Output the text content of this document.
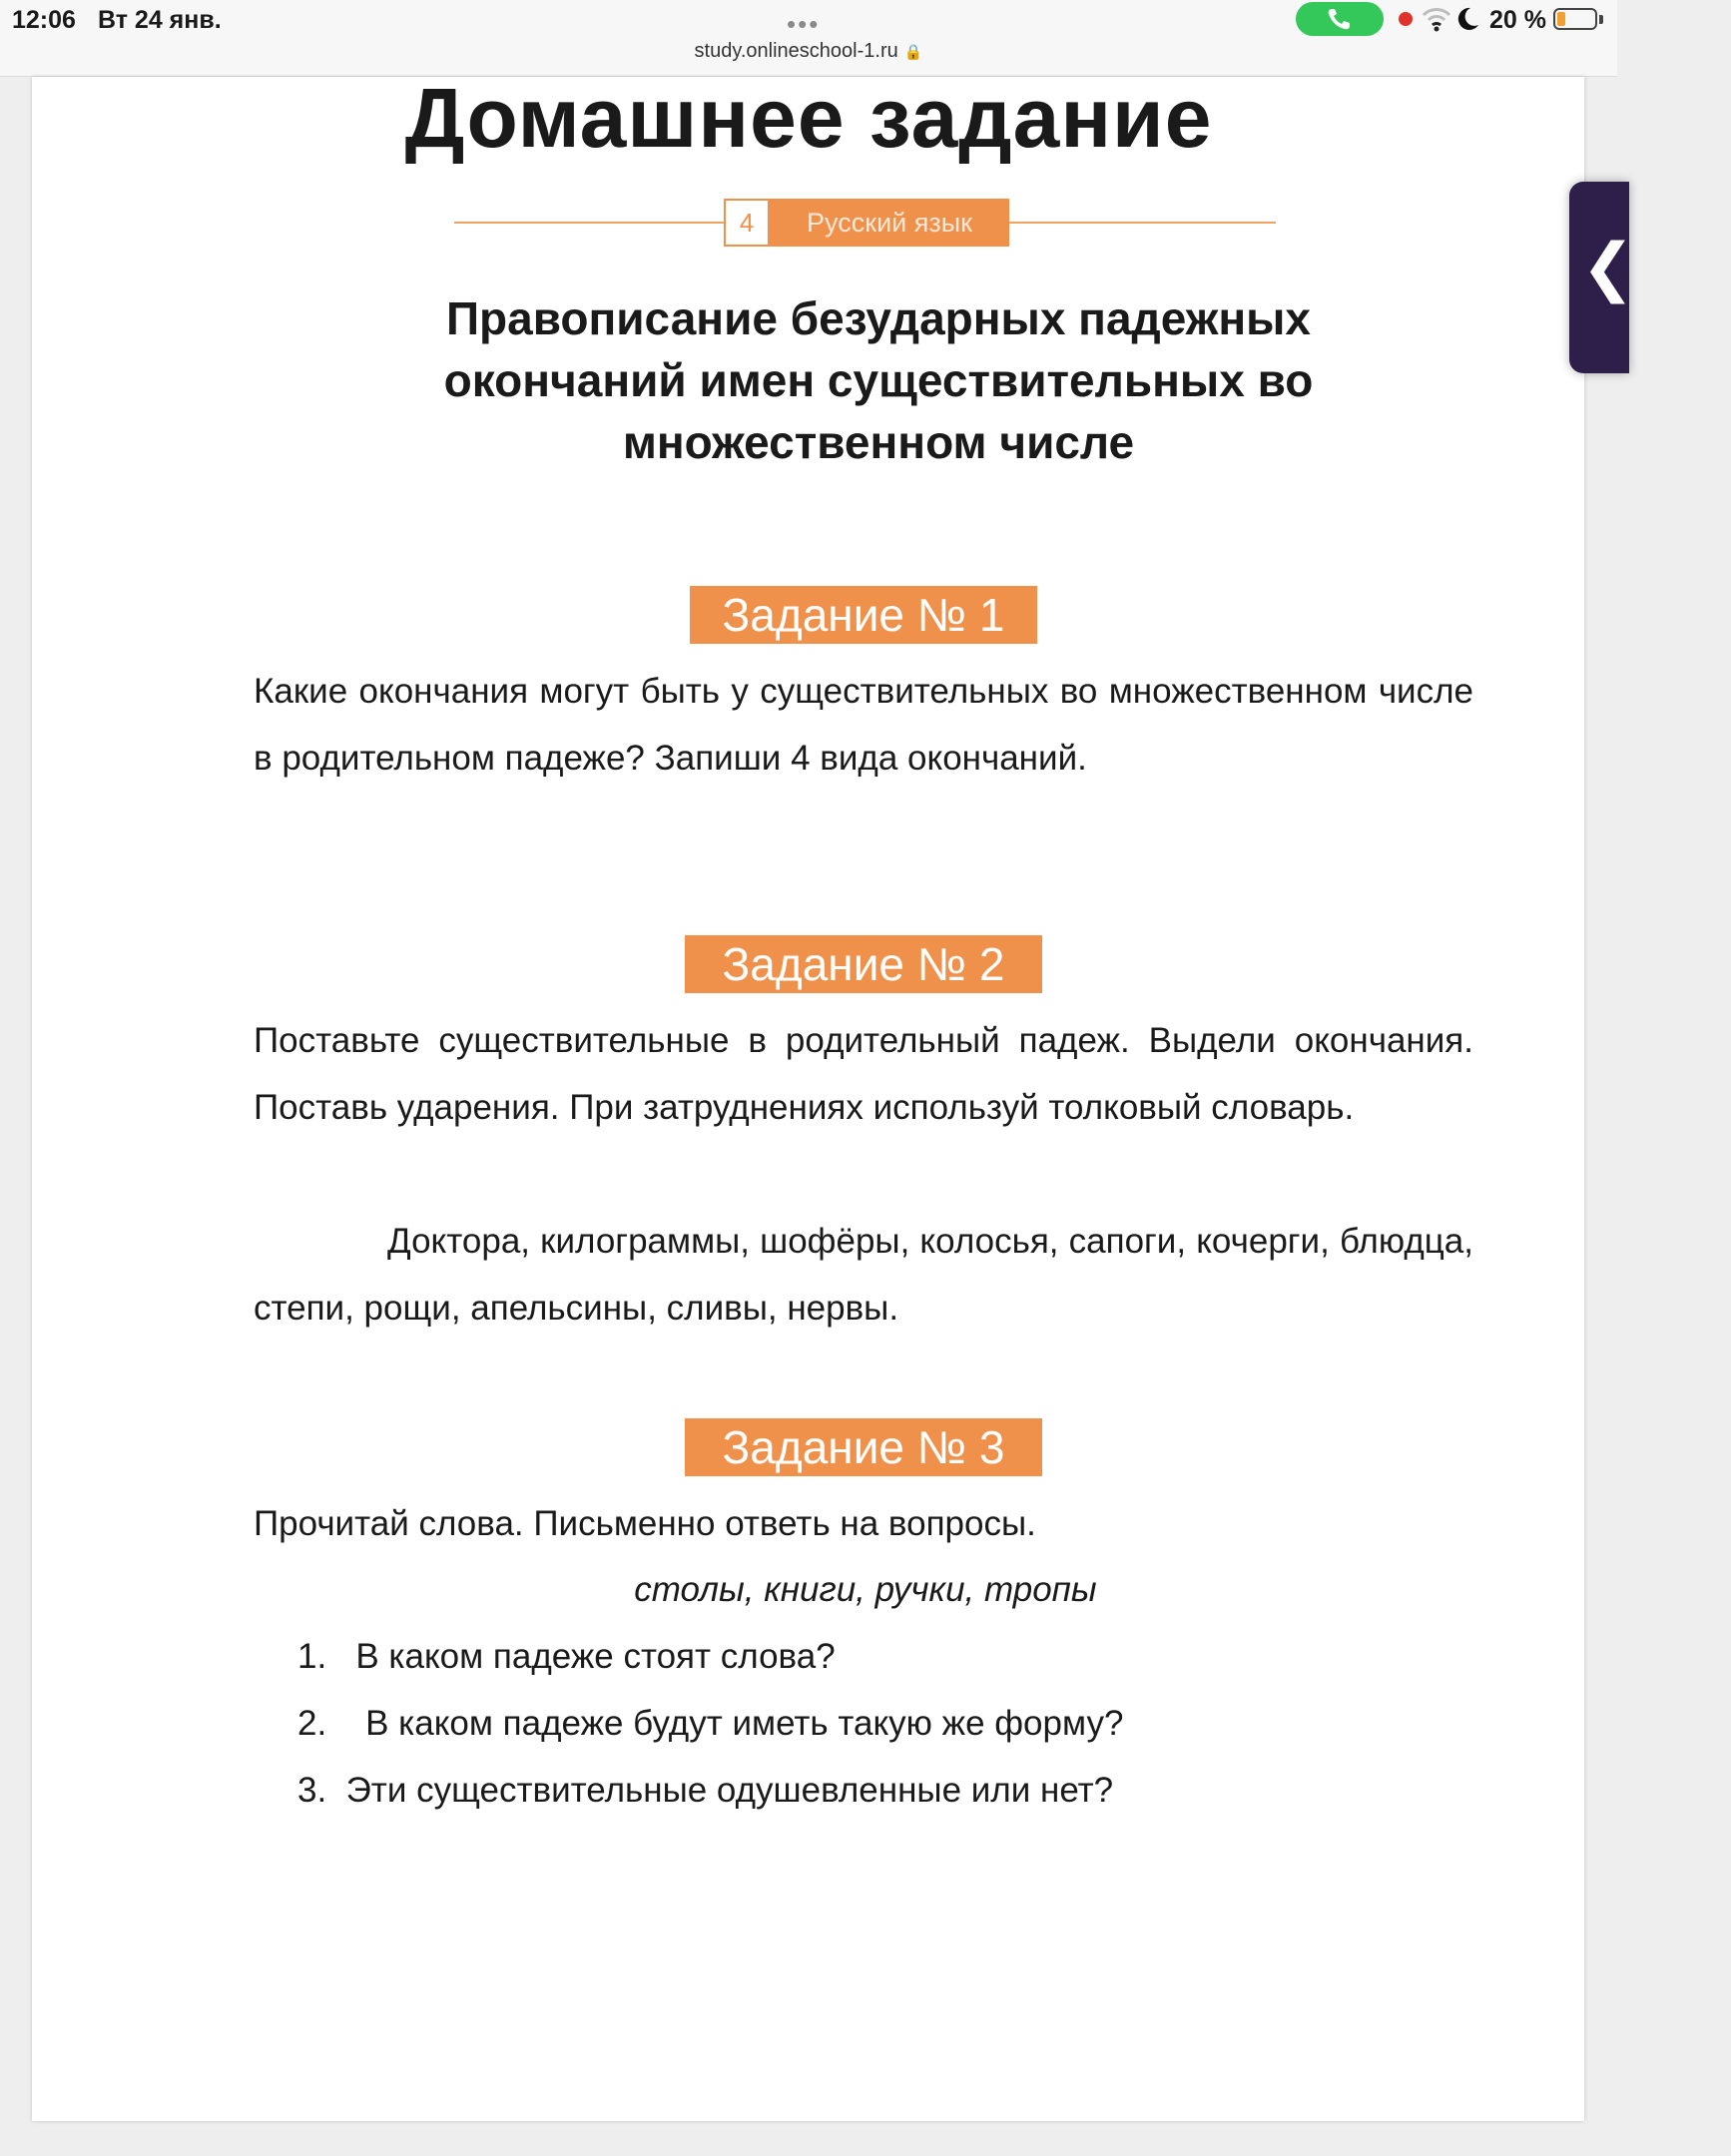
12:06 Вт 24 янв.	•••
study.onlineschool-1.ru 🔒
20 %
Домашнее задание
4	Русский язык
Правописание безударных падежных
окончаний имен существительных во
множественном числе
Задание № 1

Какие окончания могут быть у существительных во множественном числе в родительном падеже? Запиши 4 вида окончаний.

Задание № 2

Поставьте существительные в родительный падеж. Выдели окончания. Поставь ударения. При затруднениях используй толковый словарь.

Доктора, килограммы, шофёры, колосья, сапоги, кочерги, блюдца, степи, рощи, апельсины, сливы, нервы.

Задание № 3

Прочитай слова. Письменно ответь на вопросы.

столы, книги, ручки, тропы
1.   В каком падеже стоят слова?
2.    В каком падеже будут иметь такую же форму?
3.  Эти существительные одушевленные или нет?
❮
